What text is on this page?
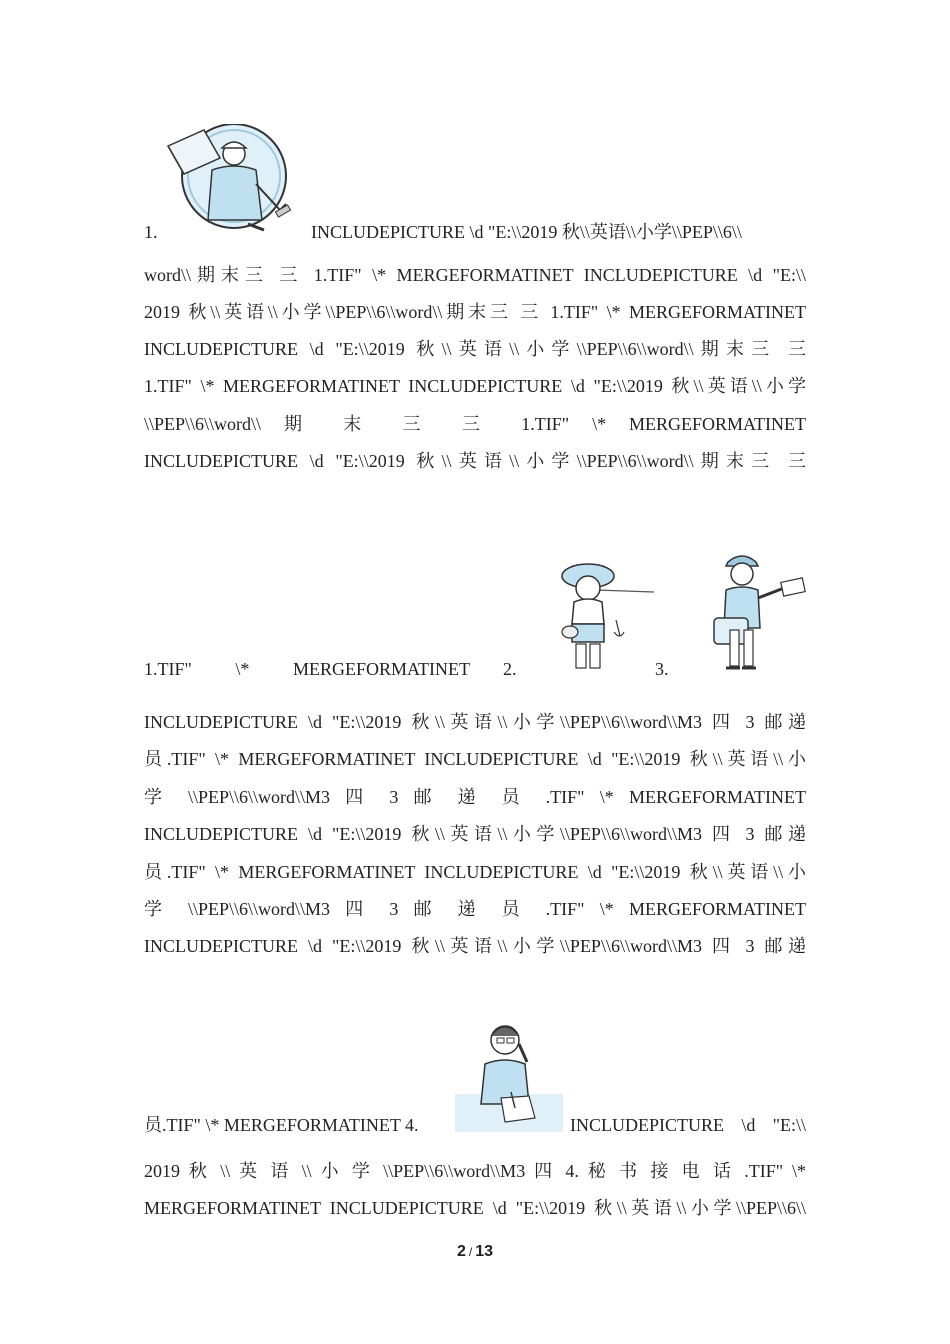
1.	INCLUDEPICTURE \d "E:\\2019 秋\\英语\\小学\\PEP\\6\\
word\\期末三 三 1.TIF" \* MERGEFORMATINET INCLUDEPICTURE \d "E:\\
2019 秋\\英语\\小学\\PEP\\6\\word\\期末三 三 1.TIF" \* MERGEFORMATINET
INCLUDEPICTURE \d "E:\\2019 秋\\英语\\小学\\PEP\\6\\word\\期末三 三
1.TIF" \* MERGEFORMATINET INCLUDEPICTURE \d "E:\\2019 秋\\英语\\小学
\\PEP\\6\\word\\ 期 末 三 三 1.TIF" \* MERGEFORMATINET
INCLUDEPICTURE \d "E:\\2019 秋\\英语\\小学\\PEP\\6\\word\\期末三 三
1.TIF" \* MERGEFORMATINET 2.	3.
INCLUDEPICTURE \d "E:\\2019 秋\\英语\\小学\\PEP\\6\\word\\M3 四 3 邮递
员.TIF" \* MERGEFORMATINET INCLUDEPICTURE \d "E:\\2019 秋\\英语\\小
学 \\PEP\\6\\word\\M3 四 3 邮 递 员 .TIF" \* MERGEFORMATINET
INCLUDEPICTURE \d "E:\\2019 秋\\英语\\小学\\PEP\\6\\word\\M3 四 3 邮递
员.TIF" \* MERGEFORMATINET INCLUDEPICTURE \d "E:\\2019 秋\\英语\\小
学 \\PEP\\6\\word\\M3 四 3 邮 递 员 .TIF" \* MERGEFORMATINET
INCLUDEPICTURE \d "E:\\2019 秋\\英语\\小学\\PEP\\6\\word\\M3 四 3 邮递
员.TIF" \* MERGEFORMATINET 4.	INCLUDEPICTURE \d "E:\\
2019 秋 \\ 英 语 \\ 小 学 \\PEP\\6\\word\\M3 四 4. 秘 书 接 电 话 .TIF" \*
MERGEFORMATINET INCLUDEPICTURE \d "E:\\2019 秋\\英语\\小学\\PEP\\6\\
2 / 13
